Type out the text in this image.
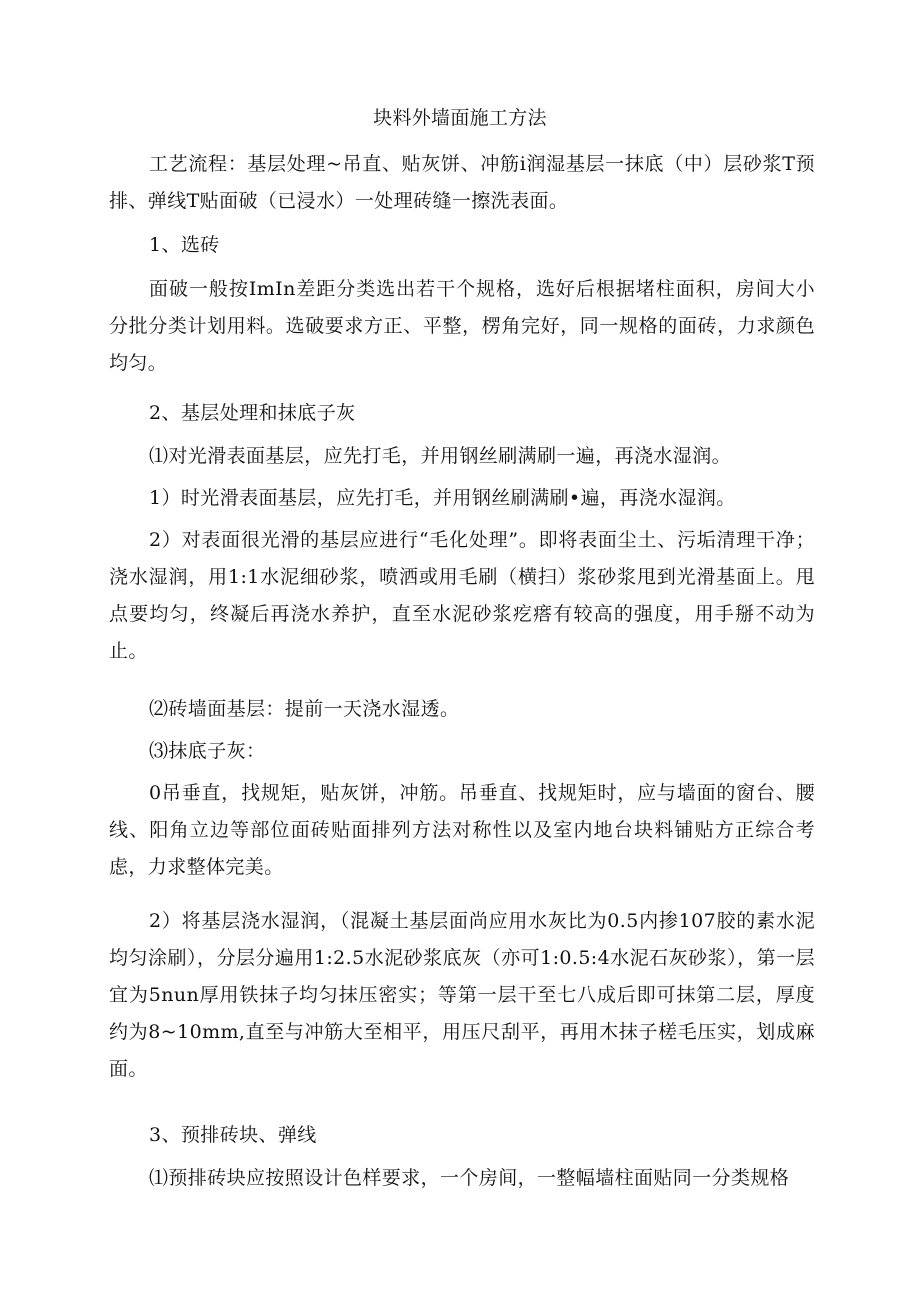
块料外墙面施工方法

工艺流程：基层处理~吊直、贴灰饼、冲筋i润湿基层一抹底（中）层砂浆T预排、弹线T贴面破（已浸水）一处理砖缝一擦洗表面。

1、选砖

面破一般按ImIn差距分类选出若干个规格，选好后根据堵柱面积，房间大小分批分类计划用料。选破要求方正、平整，楞角完好，同一规格的面砖，力求颜色均匀。

2、基层处理和抹底子灰

⑴对光滑表面基层，应先打毛，并用钢丝刷满刷一遍，再浇水湿润。

1）时光滑表面基层，应先打毛，并用钢丝刷满刷•遍，再浇水湿润。

2）对表面很光滑的基层应进行“毛化处理”。即将表面尘土、污垢清理干净；浇水湿润，用1:1水泥细砂浆，喷洒或用毛刷（横扫）浆砂浆甩到光滑基面上。甩点要均匀，终凝后再浇水养护，直至水泥砂浆疙瘩有较高的强度，用手掰不动为止。

⑵砖墙面基层：提前一天浇水湿透。

⑶抹底子灰：

0吊垂直，找规矩，贴灰饼，冲筋。吊垂直、找规矩时，应与墙面的窗台、腰线、阳角立边等部位面砖贴面排列方法对称性以及室内地台块料铺贴方正综合考虑，力求整体完美。

2）将基层浇水湿润，（混凝土基层面尚应用水灰比为0.5内掺107胶的素水泥均匀涂刷），分层分遍用1:2.5水泥砂浆底灰（亦可1:0.5:4水泥石灰砂浆），第一层宜为5nun厚用铁抹子均匀抹压密实；等第一层干至七八成后即可抹第二层，厚度约为8~10mm,直至与冲筋大至相平，用压尺刮平，再用木抹子槎毛压实，划成麻面。

3、预排砖块、弹线

⑴预排砖块应按照设计色样要求，一个房间，一整幅墙柱面贴同一分类规格
